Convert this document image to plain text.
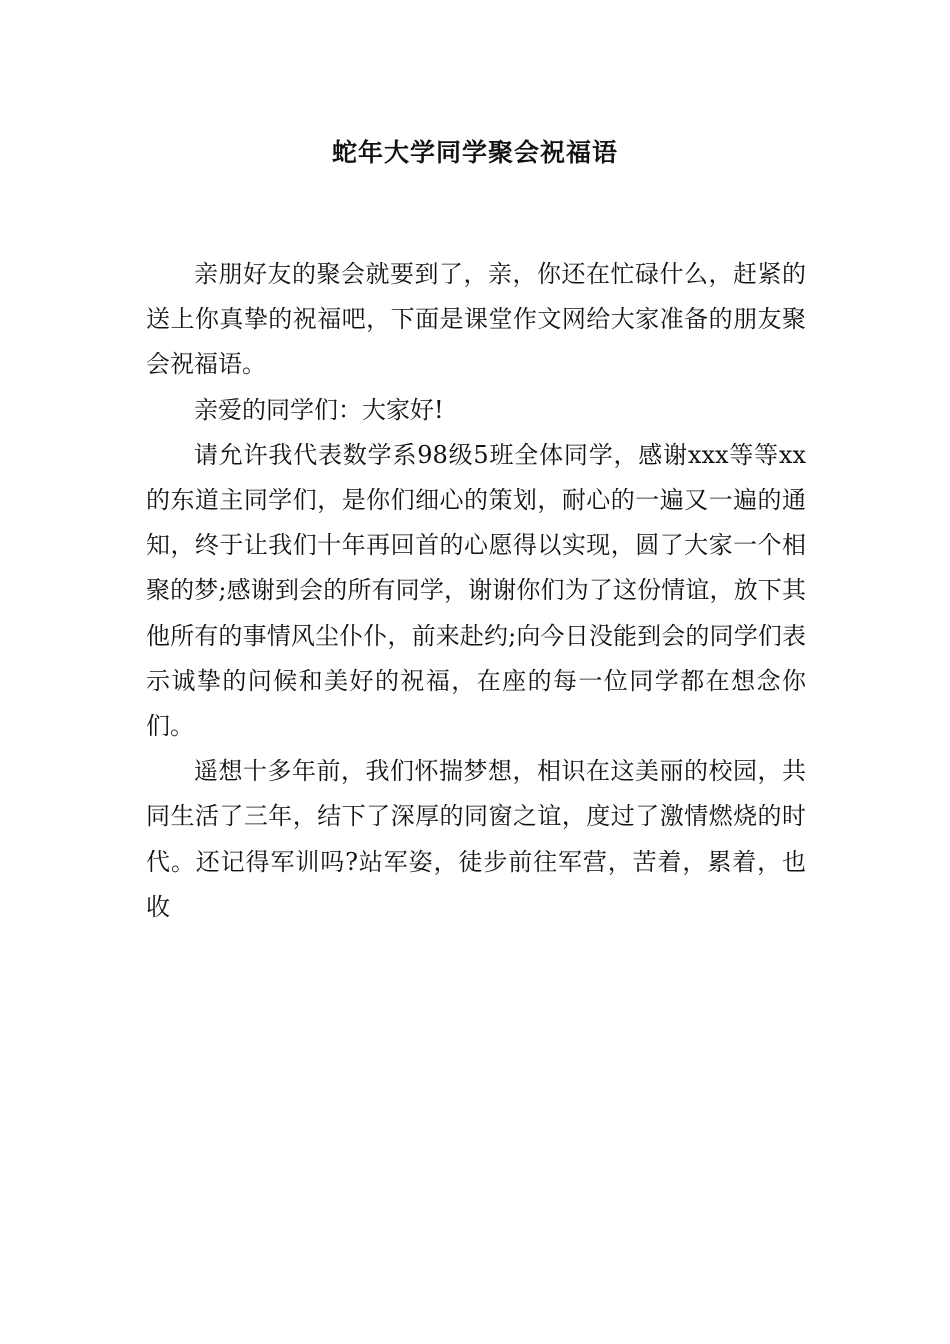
蛇年大学同学聚会祝福语

亲朋好友的聚会就要到了，亲，你还在忙碌什么，赶紧的送上你真挚的祝福吧，下面是课堂作文网给大家准备的朋友聚会祝福语。

亲爱的同学们：大家好!

请允许我代表数学系98级5班全体同学，感谢xxx等等xx的东道主同学们，是你们细心的策划，耐心的一遍又一遍的通知，终于让我们十年再回首的心愿得以实现，圆了大家一个相聚的梦;感谢到会的所有同学，谢谢你们为了这份情谊，放下其他所有的事情风尘仆仆，前来赴约;向今日没能到会的同学们表示诚挚的问候和美好的祝福，在座的每一位同学都在想念你们。

遥想十多年前，我们怀揣梦想，相识在这美丽的校园，共同生活了三年，结下了深厚的同窗之谊，度过了激情燃烧的时代。还记得军训吗?站军姿，徒步前往军营，苦着，累着，也收
